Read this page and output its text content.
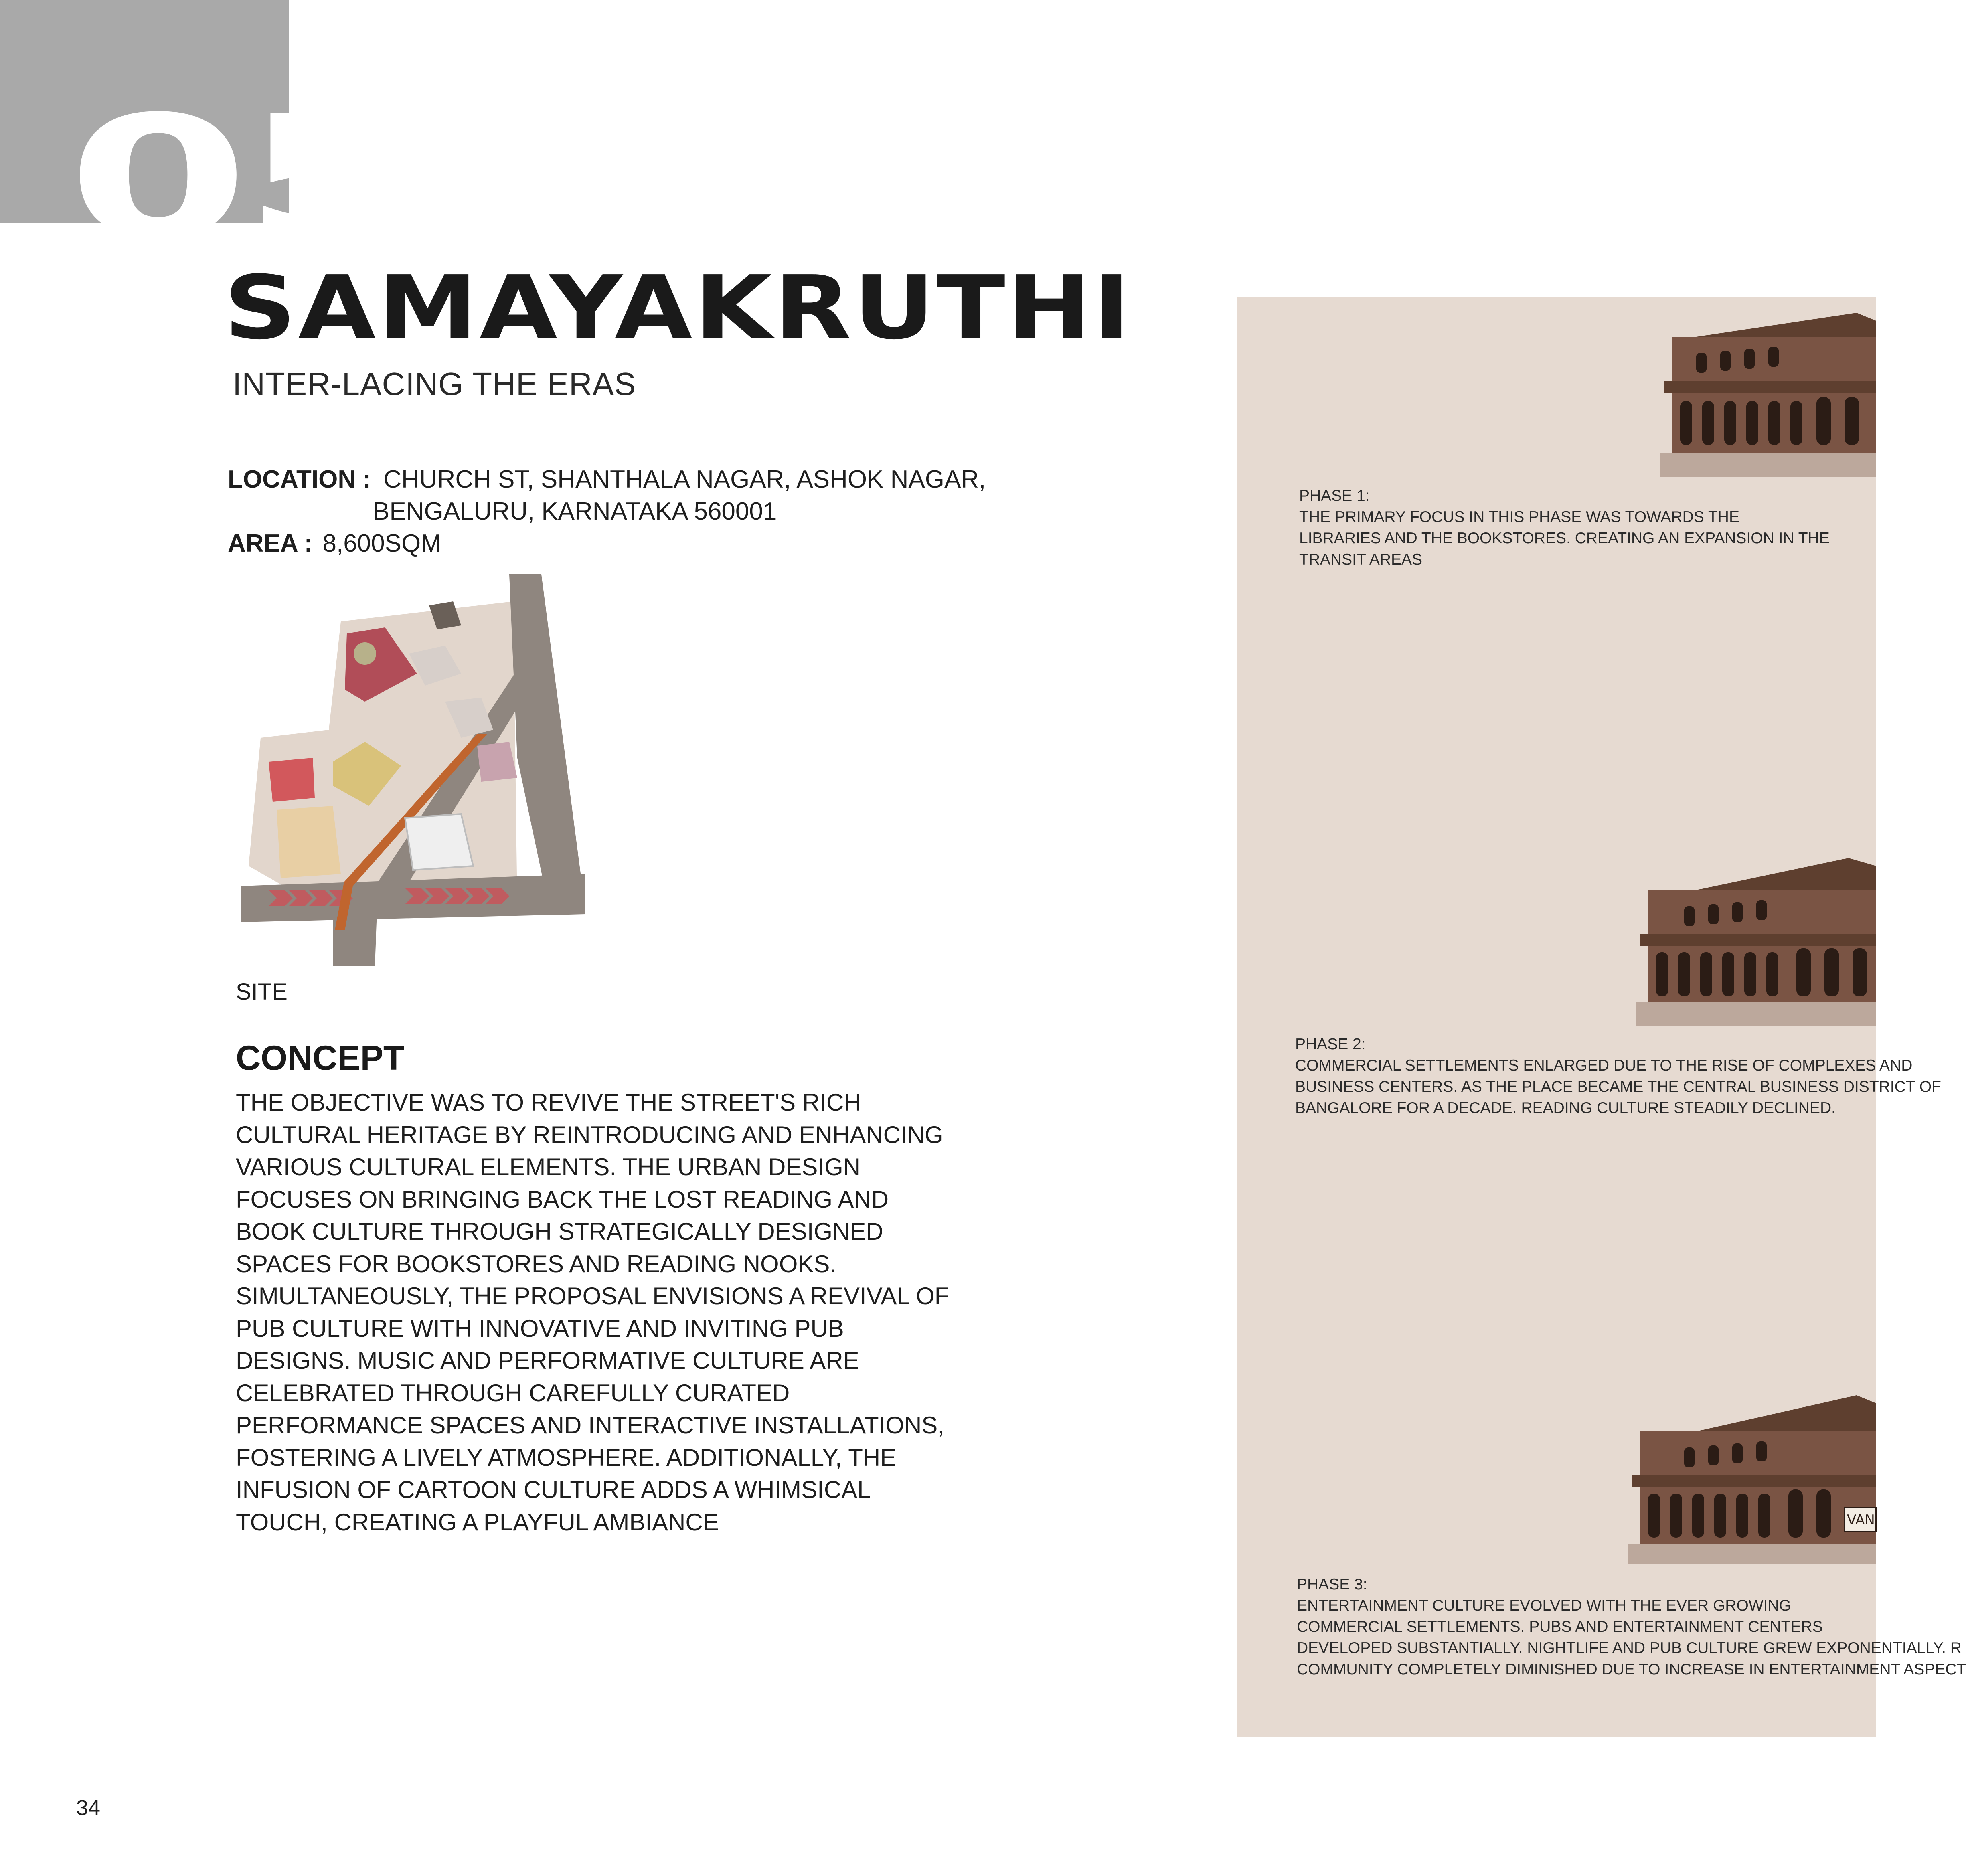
05
SAMAYAKRUTHI
INTER-LACING THE ERAS
LOCATION : CHURCH ST, SHANTHALA NAGAR, ASHOK NAGAR,
BENGALURU, KARNATAKA 560001
AREA : 8,600SQM
SITE
CONCEPT
THE OBJECTIVE WAS TO REVIVE THE STREET'S RICH CULTURAL HERITAGE BY REINTRODUCING AND ENHANCING VARIOUS CULTURAL ELEMENTS. THE URBAN DESIGN FOCUSES ON BRINGING BACK THE LOST READING AND BOOK CULTURE THROUGH STRATEGICALLY DESIGNED SPACES FOR BOOKSTORES AND READING NOOKS. SIMULTANEOUSLY, THE PROPOSAL ENVISIONS A REVIVAL OF PUB CULTURE WITH INNOVATIVE AND INVITING PUB DESIGNS. MUSIC AND PERFORMATIVE CULTURE ARE CELEBRATED THROUGH CAREFULLY CURATED PERFORMANCE SPACES AND INTERACTIVE INSTALLATIONS, FOSTERING A LIVELY ATMOSPHERE. ADDITIONALLY, THE INFUSION OF CARTOON CULTURE ADDS A WHIMSICAL TOUCH, CREATING A PLAYFUL AMBIANCE	VAN
PHASE 1:
THE PRIMARY FOCUS IN THIS PHASE WAS TOWARDS THE
LIBRARIES AND THE BOOKSTORES. CREATING AN EXPANSION IN THE
TRANSIT AREAS
PHASE 2:
COMMERCIAL SETTLEMENTS ENLARGED DUE TO THE RISE OF COMPLEXES AND
BUSINESS CENTERS. AS THE PLACE BECAME THE CENTRAL BUSINESS DISTRICT OF
BANGALORE FOR A DECADE. READING CULTURE STEADILY DECLINED.
PHASE 3:
ENTERTAINMENT CULTURE EVOLVED WITH THE EVER GROWING
COMMERCIAL SETTLEMENTS. PUBS AND ENTERTAINMENT CENTERS
DEVELOPED SUBSTANTIALLY. NIGHTLIFE AND PUB CULTURE GREW EXPONENTIALLY. R
COMMUNITY COMPLETELY DIMINISHED DUE TO INCREASE IN ENTERTAINMENT ASPECT
34
